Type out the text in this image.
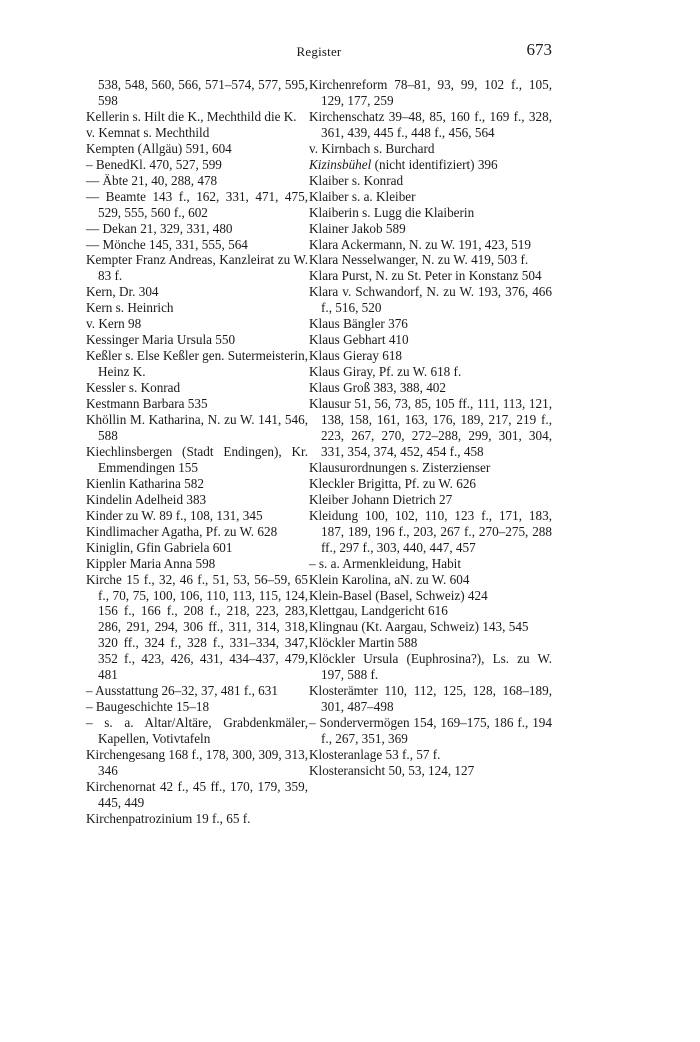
Register	673

538, 548, 560, 566, 571–574, 577, 595, 598

Kellerin s. Hilt die K., Mechthild die K.

v. Kemnat s. Mechthild

Kempten (Allgäu) 591, 604

– BenedKl. 470, 527, 599

–– Äbte 21, 40, 288, 478

–– Beamte 143 f., 162, 331, 471, 475, 529, 555, 560 f., 602

–– Dekan 21, 329, 331, 480

–– Mönche 145, 331, 555, 564

Kempter Franz Andreas, Kanzleirat zu W. 83 f.

Kern, Dr. 304

Kern s. Heinrich

v. Kern 98

Kessinger Maria Ursula 550

Keßler s. Else Keßler gen. Sutermeisterin, Heinz K.

Kessler s. Konrad

Kestmann Barbara 535

Khöllin M. Katharina, N. zu W. 141, 546, 588

Kiechlinsbergen (Stadt Endingen), Kr. Emmendingen 155

Kienlin Katharina 582

Kindelin Adelheid 383

Kinder zu W. 89 f., 108, 131, 345

Kindlimacher Agatha, Pf. zu W. 628

Kiniglin, Gfin Gabriela 601

Kippler Maria Anna 598

Kirche 15 f., 32, 46 f., 51, 53, 56–59, 65 f., 70, 75, 100, 106, 110, 113, 115, 124, 156 f., 166 f., 208 f., 218, 223, 283, 286, 291, 294, 306 ff., 311, 314, 318, 320 ff., 324 f., 328 f., 331–334, 347, 352 f., 423, 426, 431, 434–437, 479, 481

– Ausstattung 26–32, 37, 481 f., 631

– Baugeschichte 15–18

– s. a. Altar/Altäre, Grabdenkmäler, Kapellen, Votivtafeln

Kirchengesang 168 f., 178, 300, 309, 313, 346

Kirchenornat 42 f., 45 ff., 170, 179, 359, 445, 449

Kirchenpatrozinium 19 f., 65 f.

Kirchenreform 78–81, 93, 99, 102 f., 105, 129, 177, 259

Kirchenschatz 39–48, 85, 160 f., 169 f., 328, 361, 439, 445 f., 448 f., 456, 564

v. Kirnbach s. Burchard

Kizinsbühel (nicht identifiziert) 396

Klaiber s. Konrad

Klaiber s. a. Kleiber

Klaiberin s. Lugg die Klaiberin

Klainer Jakob 589

Klara Ackermann, N. zu W. 191, 423, 519

Klara Nesselwanger, N. zu W. 419, 503 f.

Klara Purst, N. zu St. Peter in Konstanz 504

Klara v. Schwandorf, N. zu W. 193, 376, 466 f., 516, 520

Klaus Bängler 376

Klaus Gebhart 410

Klaus Gieray 618

Klaus Giray, Pf. zu W. 618 f.

Klaus Groß 383, 388, 402

Klausur 51, 56, 73, 85, 105 ff., 111, 113, 121, 138, 158, 161, 163, 176, 189, 217, 219 f., 223, 267, 270, 272–288, 299, 301, 304, 331, 354, 374, 452, 454 f., 458

Klausurordnungen s. Zisterzienser

Kleckler Brigitta, Pf. zu W. 626

Kleiber Johann Dietrich 27

Kleidung 100, 102, 110, 123 f., 171, 183, 187, 189, 196 f., 203, 267 f., 270–275, 288 ff., 297 f., 303, 440, 447, 457

– s. a. Armenkleidung, Habit

Klein Karolina, aN. zu W. 604

Klein-Basel (Basel, Schweiz) 424

Klettgau, Landgericht 616

Klingnau (Kt. Aargau, Schweiz) 143, 545

Klöckler Martin 588

Klöckler Ursula (Euphrosina?), Ls. zu W. 197, 588 f.

Klosterämter 110, 112, 125, 128, 168–189, 301, 487–498

– Sondervermögen 154, 169–175, 186 f., 194 f., 267, 351, 369

Klosteranlage 53 f., 57 f.

Klosteransicht 50, 53, 124, 127
